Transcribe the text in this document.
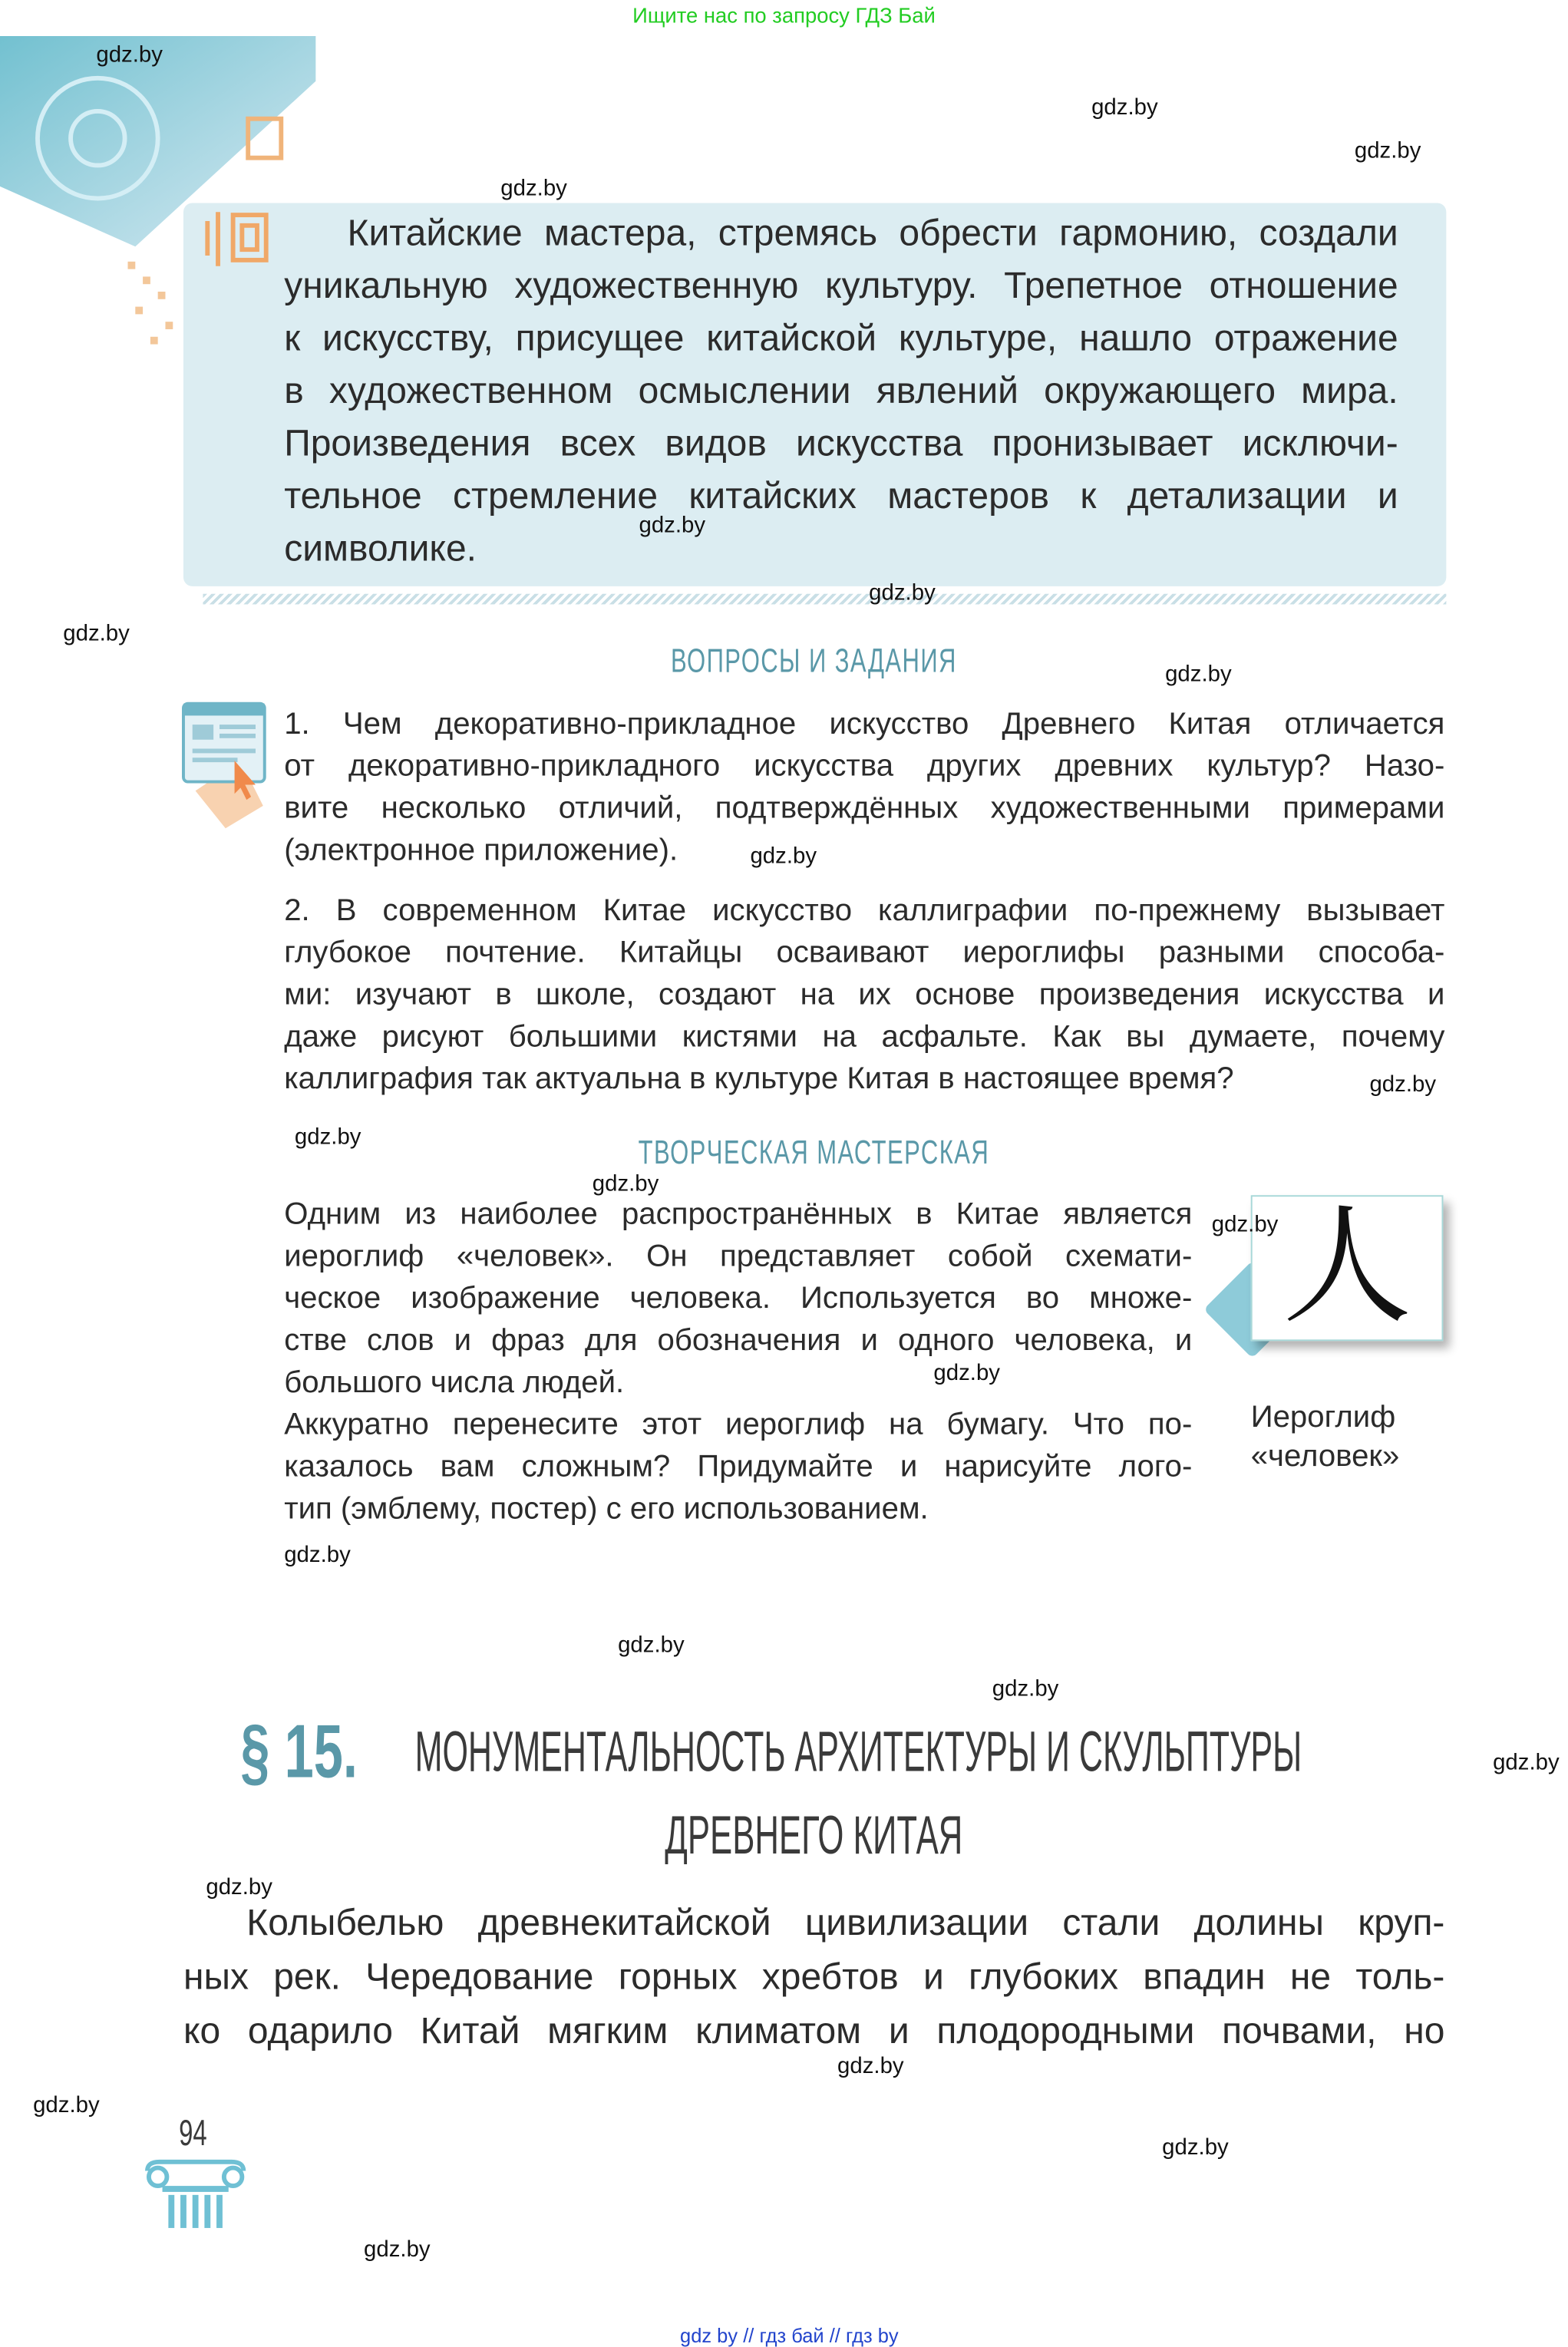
Ищите нас по запросу ГДЗ Бай
Китайские мастера, стремясь обрести гармонию, создали
уникальную художественную культуру. Трепетное отношение
к искусству, присущее китайской культуре, нашло отражение
в художественном осмыслении явлений окружающего мира.
Произведения всех видов искусства пронизывает исключи-
тельное стремление китайских мастеров к детализации и
символике.
ВОПРОСЫ И ЗАДАНИЯ
1. Чем декоративно-прикладное искусство Древнего Китая отличается
от декоративно-прикладного искусства других древних культур? Назо-
вите несколько отличий, подтверждённых художественными примерами
(электронное приложение).
2. В современном Китае искусство каллиграфии по-прежнему вызывает
глубокое почтение. Китайцы осваивают иероглифы разными способа-
ми: изучают в школе, создают на их основе произведения искусства и
даже рисуют большими кистями на асфальте. Как вы думаете, почему
каллиграфия так актуальна в культуре Китая в настоящее время?
ТВОРЧЕСКАЯ МАСТЕРСКАЯ
Одним из наиболее распространённых в Китае является
иероглиф «человек». Он представляет собой схемати-
ческое изображение человека. Используется во множе-
стве слов и фраз для обозначения и одного человека, и
большого числа людей.
Аккуратно перенесите этот иероглиф на бумагу. Что по-
казалось вам сложным? Придумайте и нарисуйте лого-
тип (эмблему, постер) с его использованием.
人
Иероглиф
«человек»
§ 15. МОНУМЕНТАЛЬНОСТЬ АРХИТЕКТУРЫ И СКУЛЬПТУРЫ
ДРЕВНЕГО КИТАЯ
Колыбелью древнекитайской цивилизации стали долины круп-
ных рек. Чередование горных хребтов и глубоких впадин не толь-
ко одарило Китай мягким климатом и плодородными почвами, но
94
gdz.by
gdz.by
gdz.by
gdz.by
gdz.by
gdz.by
gdz.by
gdz.by
gdz.by
gdz.by
gdz.by
gdz.by
gdz.by
gdz.by
gdz.by
gdz.by
gdz.by
gdz.by
gdz.by
gdz.by
gdz.by
gdz.by
gdz.by
gdz by // гдз бай // гдз by
